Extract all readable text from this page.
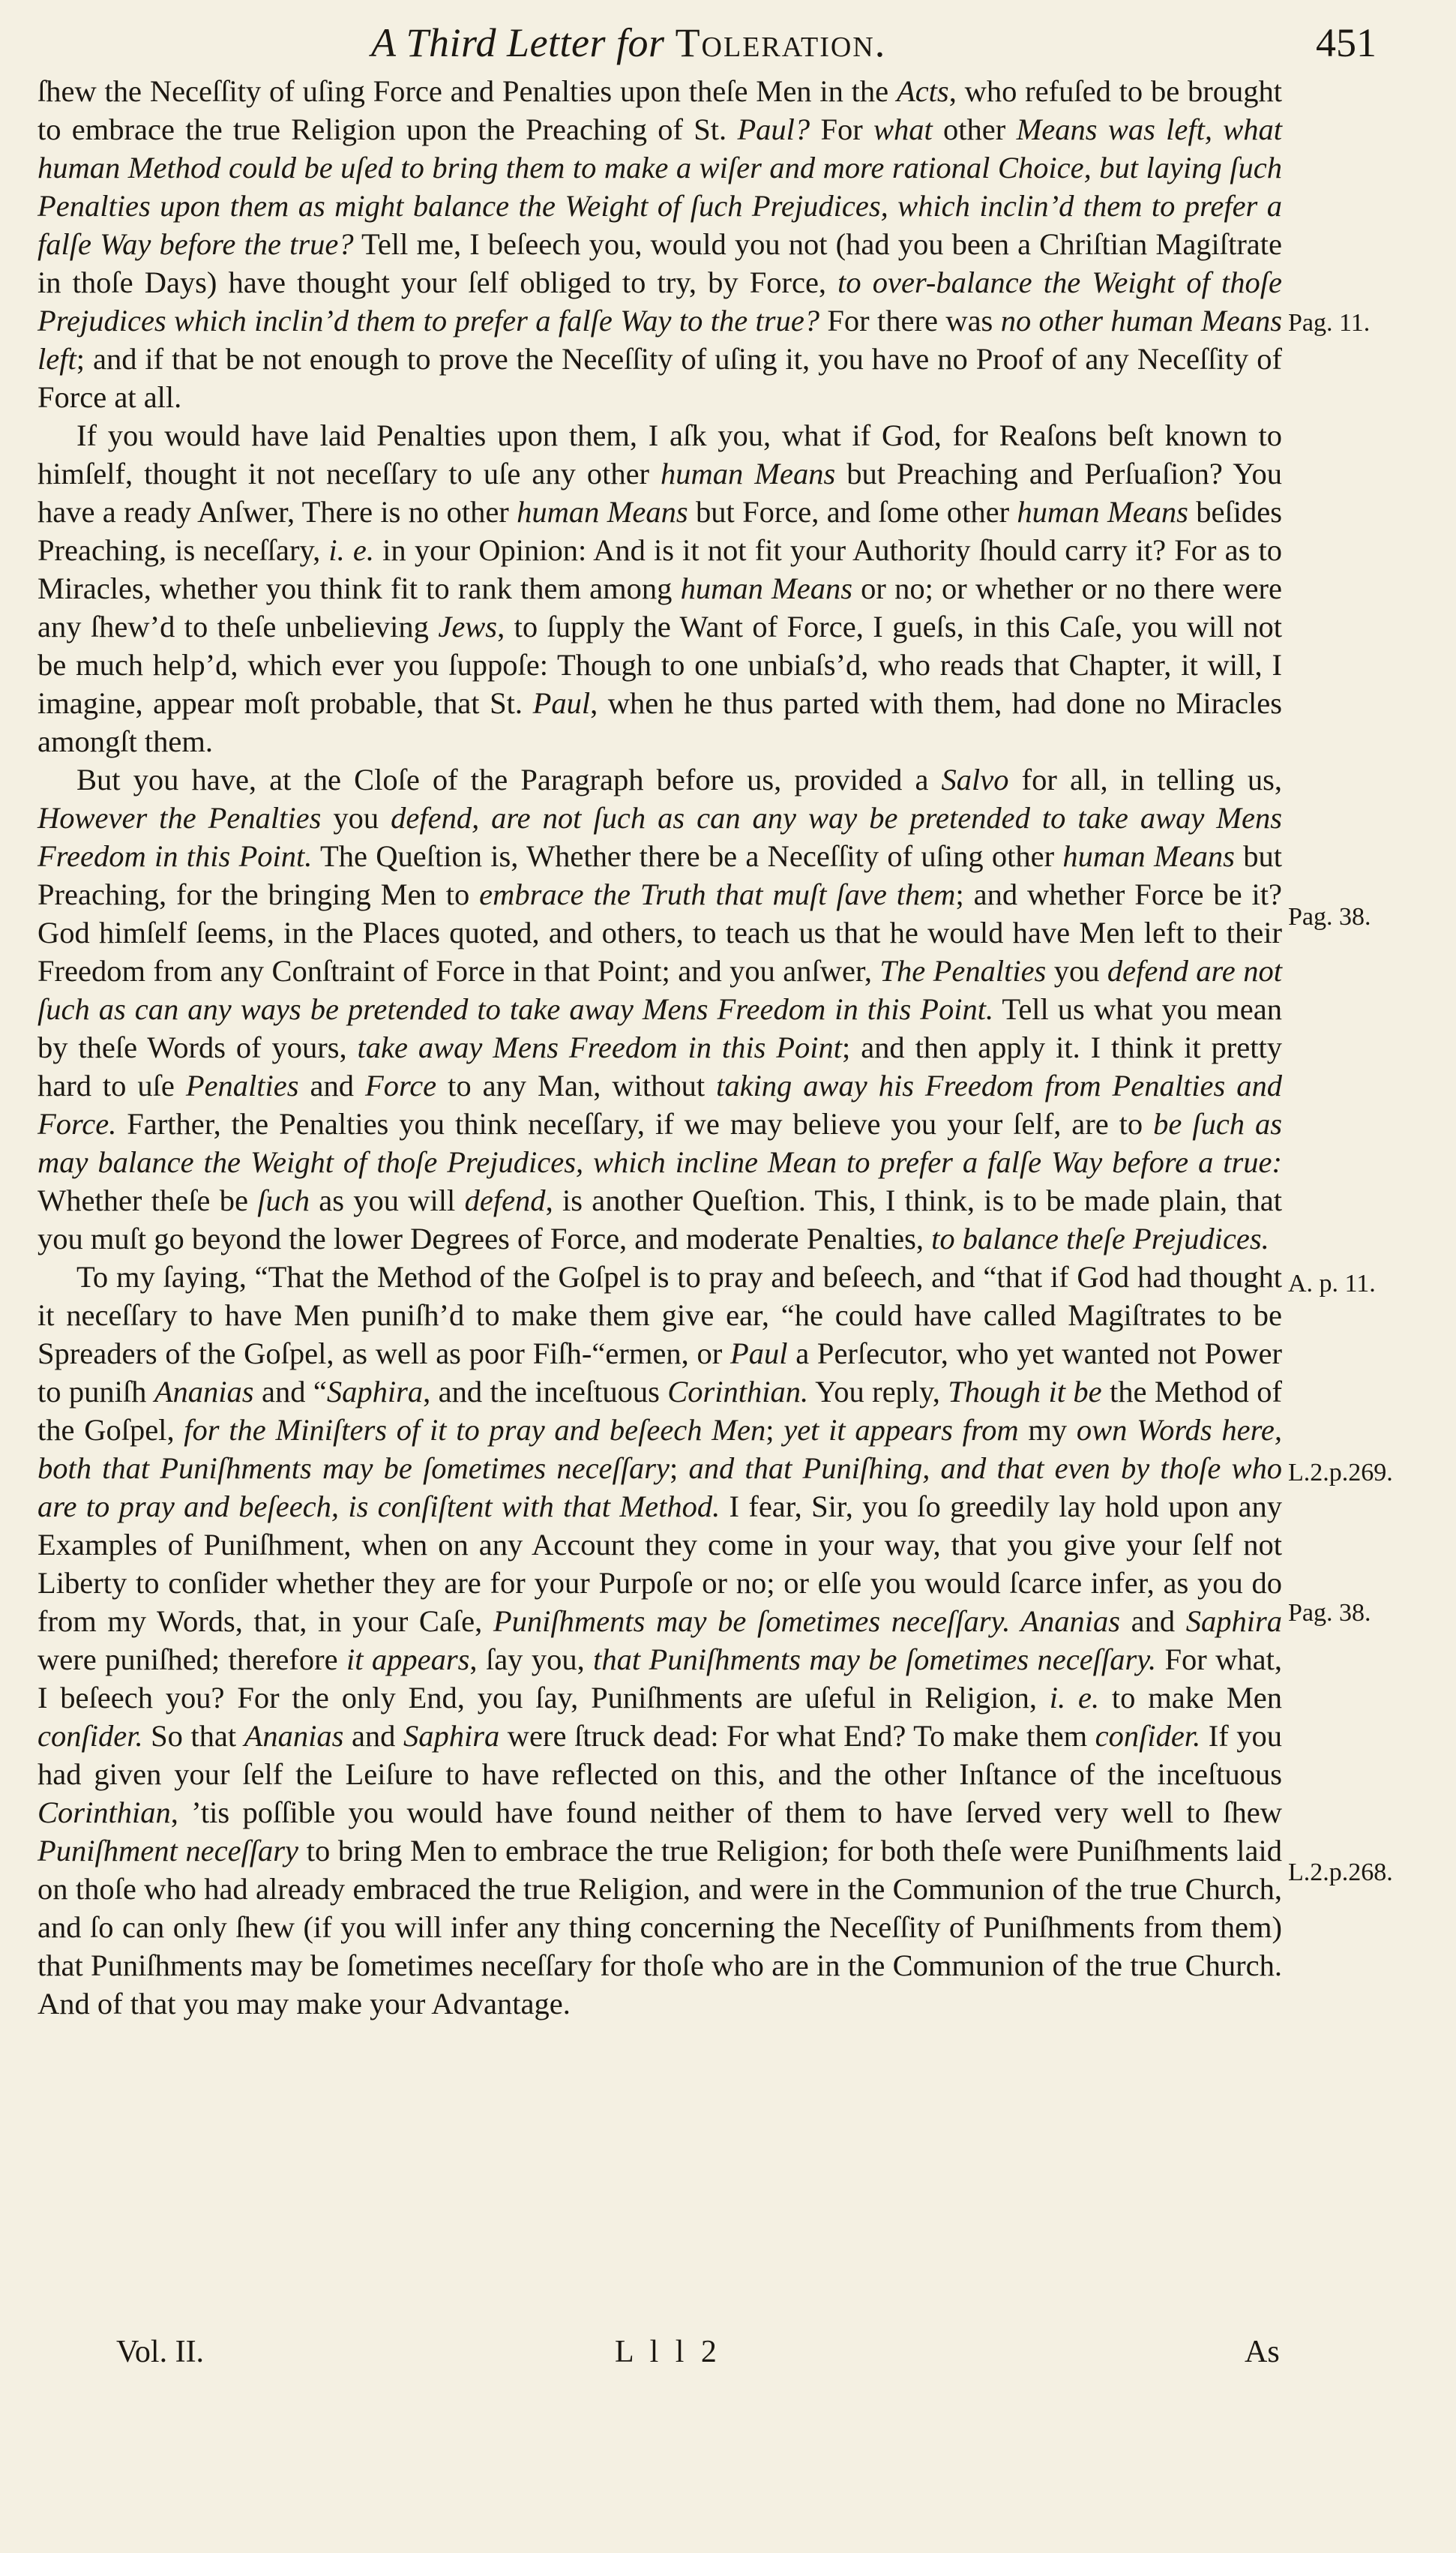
A Third Letter for Toleration.	451

ſhew the Neceſſity of uſing Force and Penalties upon theſe Men in the Acts, who refuſed to be brought to embrace the true Religion upon the Preaching of St. Paul? For what other Means was left, what human Method could be uſed to bring them to make a wiſer and more rational Choice, but laying ſuch Penalties upon them as might balance the Weight of ſuch Prejudices, which inclin’d them to prefer a falſe Way before the true? Tell me, I beſeech you, would you not (had you been a Chriſtian Magiſtrate in thoſe Days) have thought your ſelf obliged to try, by Force, to over-balance the Weight of thoſe Prejudices which inclin’d them to prefer a falſe Way to the true? For there was no other human Means left; and if that be not enough to prove the Neceſſity of uſing it, you have no Proof of any Neceſſity of Force at all.

If you would have laid Penalties upon them, I aſk you, what if God, for Reaſons beſt known to himſelf, thought it not neceſſary to uſe any other human Means but Preaching and Perſuaſion? You have a ready Anſwer, There is no other human Means but Force, and ſome other human Means beſides Preaching, is neceſſary, i. e. in your Opinion: And is it not fit your Authority ſhould carry it? For as to Miracles, whether you think fit to rank them among human Means or no; or whether or no there were any ſhew’d to theſe unbelieving Jews, to ſupply the Want of Force, I gueſs, in this Caſe, you will not be much help’d, which ever you ſuppoſe: Though to one unbiaſs’d, who reads that Chapter, it will, I imagine, appear moſt probable, that St. Paul, when he thus parted with them, had done no Miracles amongſt them.

But you have, at the Cloſe of the Paragraph before us, provided a Salvo for all, in telling us, However the Penalties you defend, are not ſuch as can any way be pretended to take away Mens Freedom in this Point. The Queſtion is, Whether there be a Neceſſity of uſing other human Means but Preaching, for the bringing Men to embrace the Truth that muſt ſave them; and whether Force be it? God himſelf ſeems, in the Places quoted, and others, to teach us that he would have Men left to their Freedom from any Conſtraint of Force in that Point; and you anſwer, The Penalties you defend are not ſuch as can any ways be pretended to take away Mens Freedom in this Point. Tell us what you mean by theſe Words of yours, take away Mens Freedom in this Point; and then apply it. I think it pretty hard to uſe Penalties and Force to any Man, without taking away his Freedom from Penalties and Force. Farther, the Penalties you think neceſſary, if we may believe you your ſelf, are to be ſuch as may balance the Weight of thoſe Prejudices, which incline Mean to prefer a falſe Way before a true: Whether theſe be ſuch as you will defend, is another Queſtion. This, I think, is to be made plain, that you muſt go beyond the lower Degrees of Force, and moderate Penalties, to balance theſe Prejudices.

To my ſaying, “That the Method of the Goſpel is to pray and beſeech, and “that if God had thought it neceſſary to have Men puniſh’d to make them give ear, “he could have called Magiſtrates to be Spreaders of the Goſpel, as well as poor Fiſh-“ermen, or Paul a Perſecutor, who yet wanted not Power to puniſh Ananias and “Saphira, and the inceſtuous Corinthian. You reply, Though it be the Method of the Goſpel, for the Miniſters of it to pray and beſeech Men; yet it appears from my own Words here, both that Puniſhments may be ſometimes neceſſary; and that Puniſhing, and that even by thoſe who are to pray and beſeech, is conſiſtent with that Method. I fear, Sir, you ſo greedily lay hold upon any Examples of Puniſhment, when on any Account they come in your way, that you give your ſelf not Liberty to conſider whether they are for your Purpoſe or no; or elſe you would ſcarce infer, as you do from my Words, that, in your Caſe, Puniſhments may be ſometimes neceſſary. Ananias and Saphira were puniſhed; therefore it appears, ſay you, that Puniſhments may be ſometimes neceſſary. For what, I beſeech you? For the only End, you ſay, Puniſhments are uſeful in Religion, i. e. to make Men conſider. So that Ananias and Saphira were ſtruck dead: For what End? To make them conſider. If you had given your ſelf the Leiſure to have reflected on this, and the other Inſtance of the inceſtuous Corinthian, ’tis poſſible you would have found neither of them to have ſerved very well to ſhew Puniſhment neceſſary to bring Men to embrace the true Religion; for both theſe were Puniſhments laid on thoſe who had already embraced the true Religion, and were in the Communion of the true Church, and ſo can only ſhew (if you will infer any thing concerning the Neceſſity of Puniſhments from them) that Puniſhments may be ſometimes neceſſary for thoſe who are in the Communion of the true Church. And of that you may make your Advantage.

Pag. 11.
Pag. 38.
A. p. 11.
L.2.p.269.
Pag. 38.
L.2.p.268.
Vol. II.	L l l 2	As
